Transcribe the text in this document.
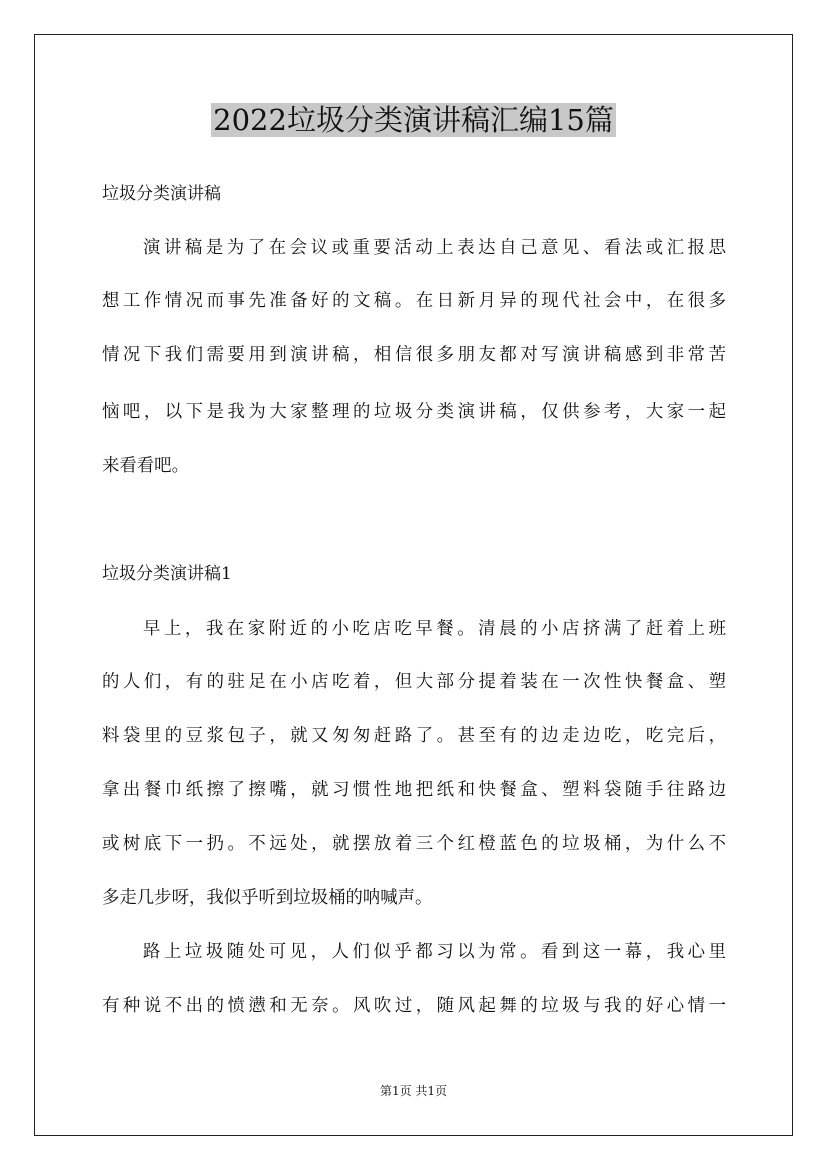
2022垃圾分类演讲稿汇编15篇
垃圾分类演讲稿
演讲稿是为了在会议或重要活动上表达自己意见、看法或汇报思
想工作情况而事先准备好的文稿。在日新月异的现代社会中，在很多
情况下我们需要用到演讲稿，相信很多朋友都对写演讲稿感到非常苦
恼吧，以下是我为大家整理的垃圾分类演讲稿，仅供参考，大家一起
来看看吧。
垃圾分类演讲稿1
早上，我在家附近的小吃店吃早餐。清晨的小店挤满了赶着上班
的人们，有的驻足在小店吃着，但大部分提着装在一次性快餐盒、塑
料袋里的豆浆包子，就又匆匆赶路了。甚至有的边走边吃，吃完后，
拿出餐巾纸擦了擦嘴，就习惯性地把纸和快餐盒、塑料袋随手往路边
或树底下一扔。不远处，就摆放着三个红橙蓝色的垃圾桶，为什么不
多走几步呀，我似乎听到垃圾桶的呐喊声。
路上垃圾随处可见，人们似乎都习以为常。看到这一幕，我心里
有种说不出的愤懑和无奈。风吹过，随风起舞的垃圾与我的好心情一
第1页 共1页
